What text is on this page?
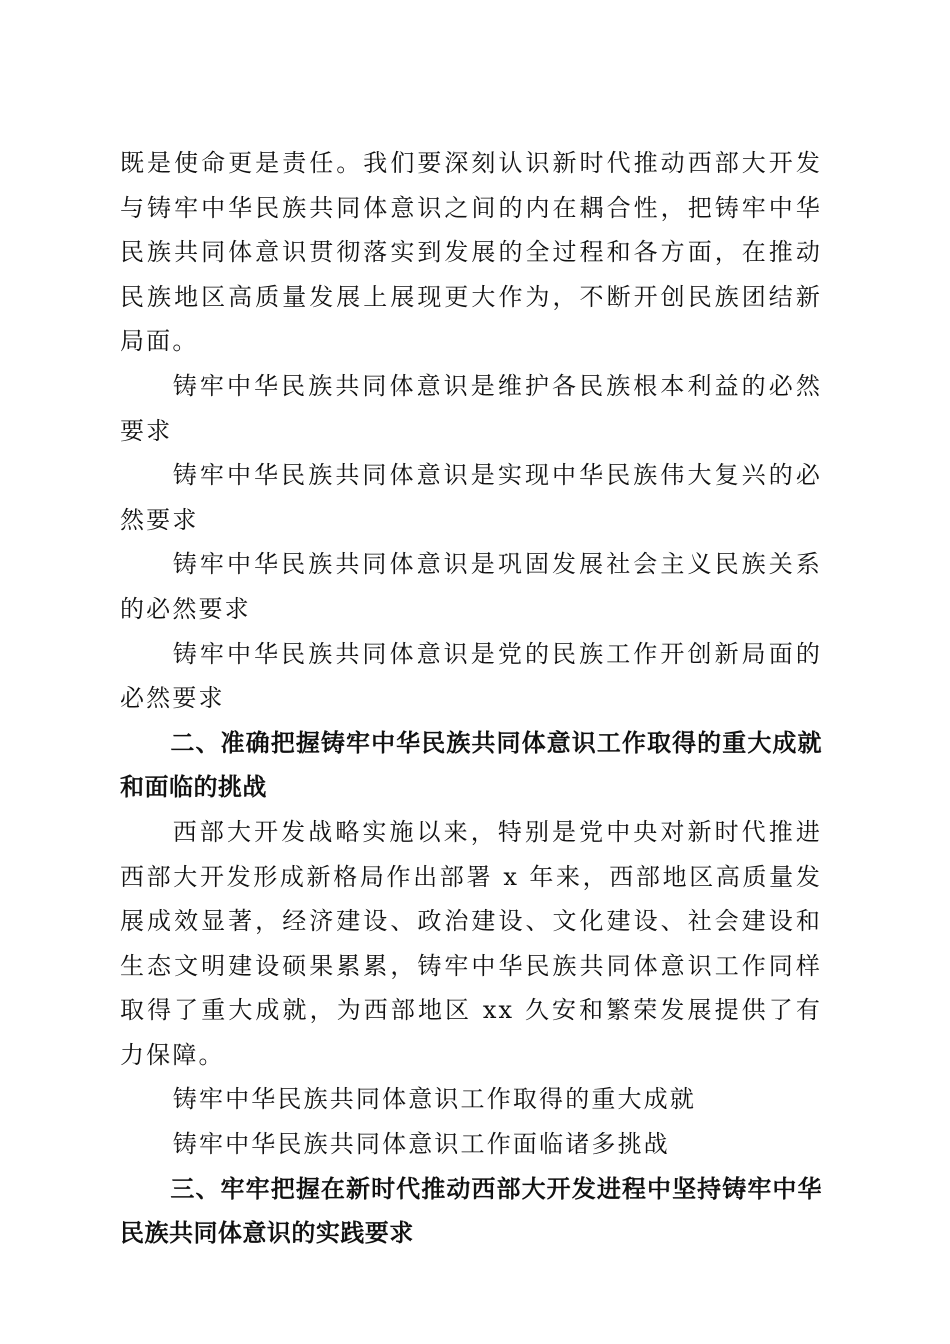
既是使命更是责任。我们要深刻认识新时代推动西部大开发与铸牢中华民族共同体意识之间的内在耦合性，把铸牢中华民族共同体意识贯彻落实到发展的全过程和各方面，在推动民族地区高质量发展上展现更大作为，不断开创民族团结新局面。

铸牢中华民族共同体意识是维护各民族根本利益的必然要求

铸牢中华民族共同体意识是实现中华民族伟大复兴的必然要求

铸牢中华民族共同体意识是巩固发展社会主义民族关系的必然要求

铸牢中华民族共同体意识是党的民族工作开创新局面的必然要求

二、准确把握铸牢中华民族共同体意识工作取得的重大成就和面临的挑战

西部大开发战略实施以来，特别是党中央对新时代推进西部大开发形成新格局作出部署 x 年来，西部地区高质量发展成效显著，经济建设、政治建设、文化建设、社会建设和生态文明建设硕果累累，铸牢中华民族共同体意识工作同样取得了重大成就，为西部地区 xx 久安和繁荣发展提供了有力保障。

铸牢中华民族共同体意识工作取得的重大成就

铸牢中华民族共同体意识工作面临诸多挑战

三、牢牢把握在新时代推动西部大开发进程中坚持铸牢中华民族共同体意识的实践要求
